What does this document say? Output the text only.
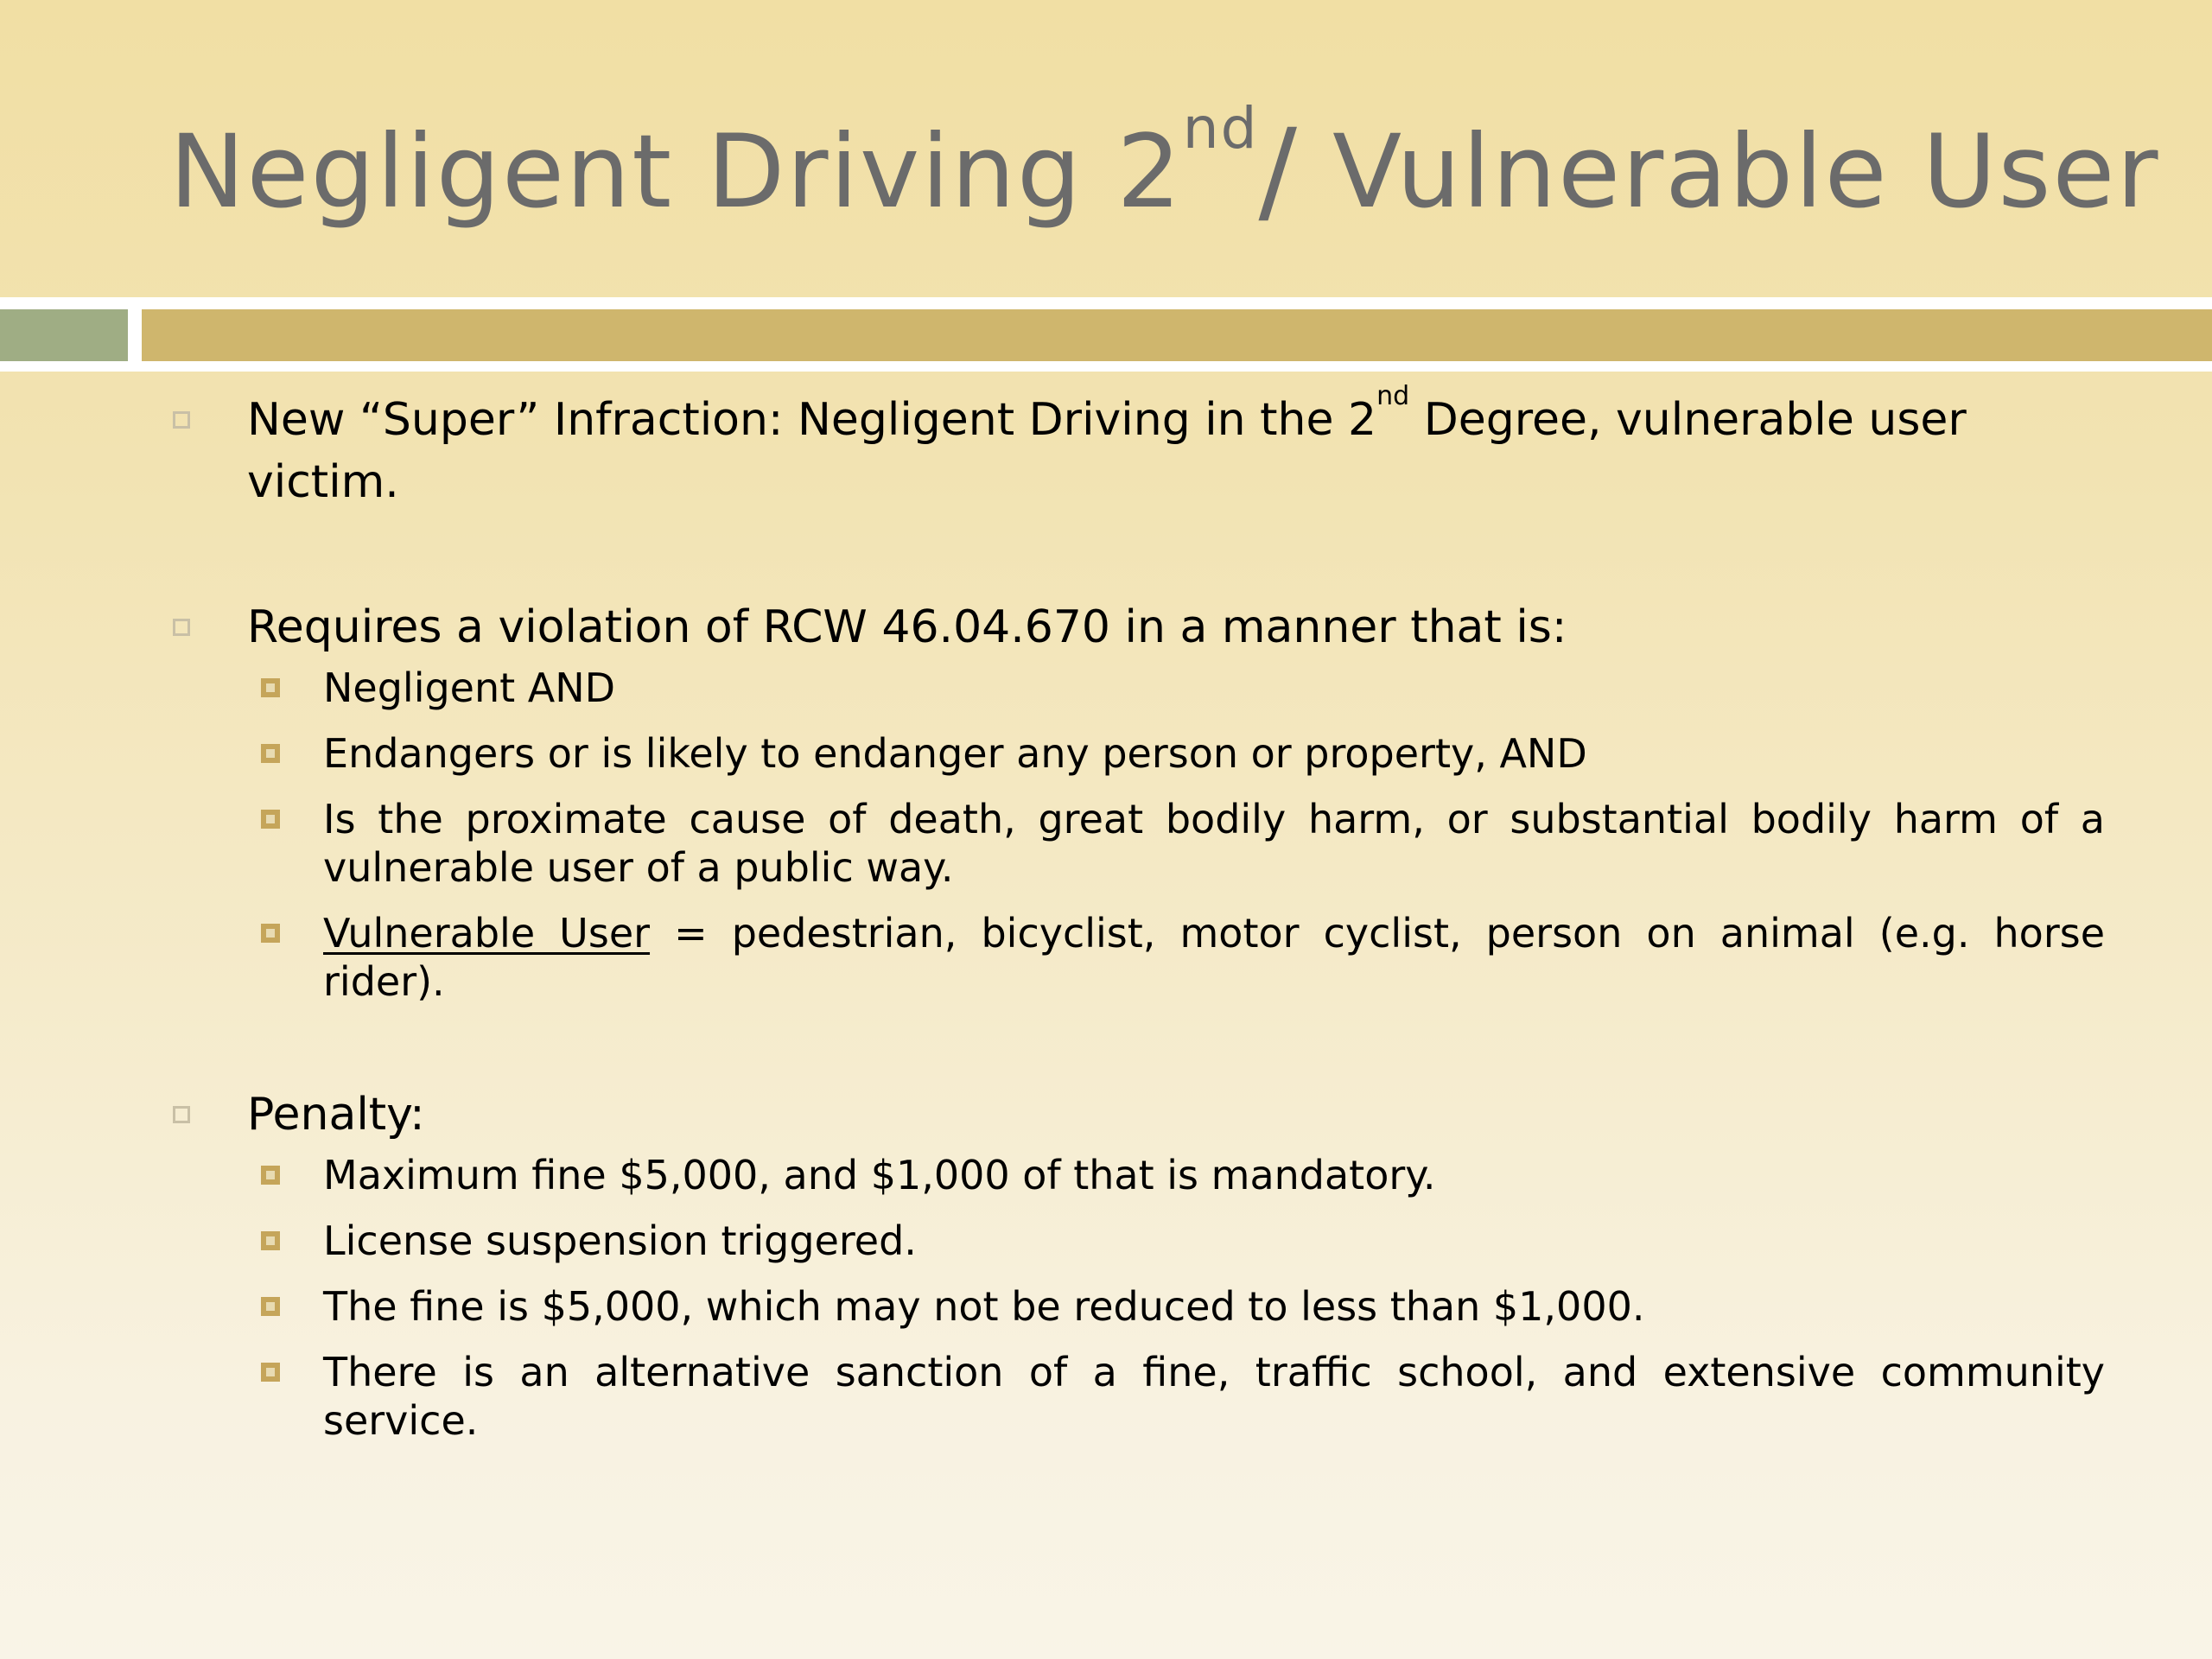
Negligent Driving 2nd/ Vulnerable User
New “Super” Infraction: Negligent Driving in the 2nd Degree, vulnerable user victim.
Requires a violation of RCW 46.04.670 in a manner that is:
Negligent AND
Endangers or is likely to endanger any person or property, AND
Is the proximate cause of death, great bodily harm, or substantial bodily harm of a vulnerable user of a public way.
Vulnerable User = pedestrian, bicyclist, motor cyclist, person on animal (e.g. horse rider).
Penalty:
Maximum fine $5,000, and $1,000 of that is mandatory.
License suspension triggered.
The fine is $5,000, which may not be reduced to less than $1,000.
There is an alternative sanction of a fine, traffic school, and extensive community service.
